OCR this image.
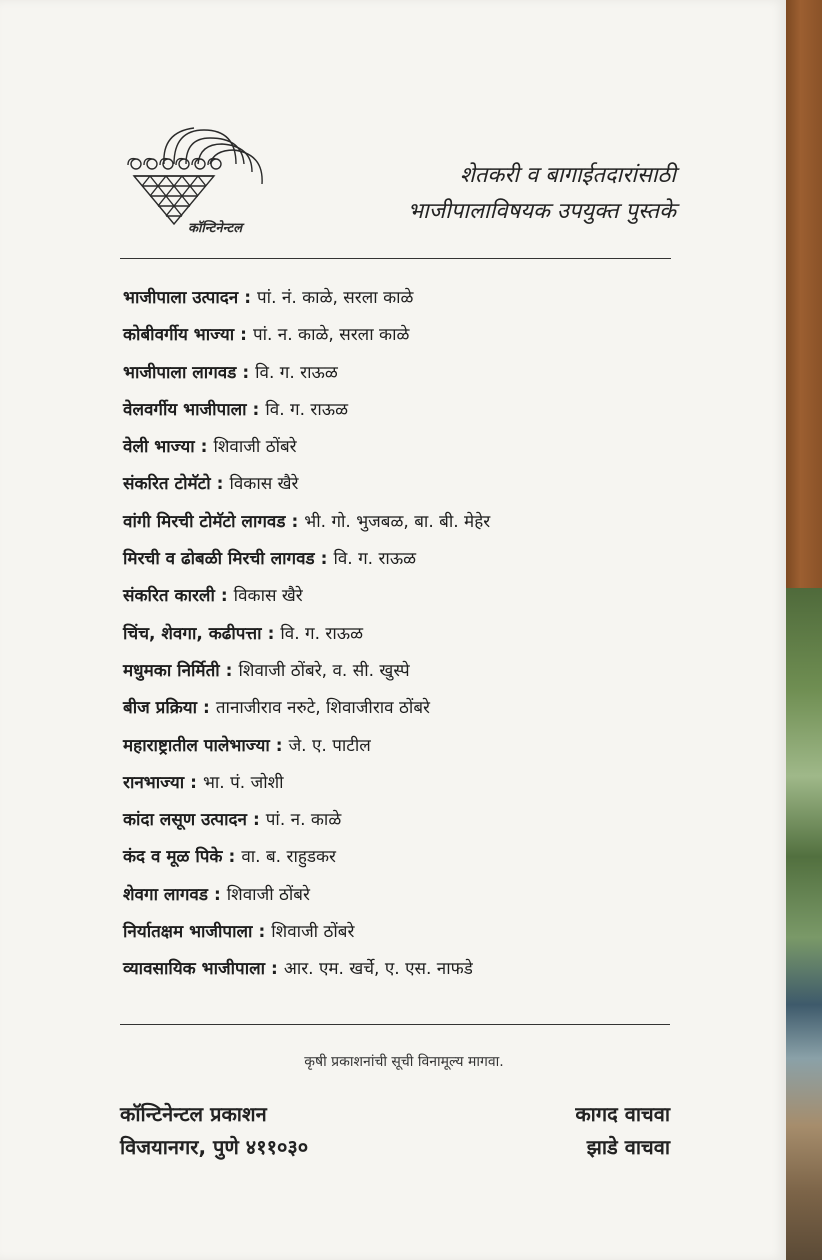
कॉन्टिनेन्टल
शेतकरी व बागाईतदारांसाठी
भाजीपालाविषयक उपयुक्त पुस्तके
भाजीपाला उत्पादन : पां. नं. काळे, सरला काळे
कोबीवर्गीय भाज्या : पां. न. काळे, सरला काळे
भाजीपाला लागवड : वि. ग. राऊळ
वेलवर्गीय भाजीपाला : वि. ग. राऊळ
वेली भाज्या : शिवाजी ठोंबरे
संकरित टोमॅटो : विकास खैरे
वांगी मिरची टोमॅटो लागवड : भी. गो. भुजबळ, बा. बी. मेहेर
मिरची व ढोबळी मिरची लागवड : वि. ग. राऊळ
संकरित कारली : विकास खैरे
चिंच, शेवगा, कढीपत्ता : वि. ग. राऊळ
मधुमका निर्मिती : शिवाजी ठोंबरे, व. सी. खुस्पे
बीज प्रक्रिया : तानाजीराव नरुटे, शिवाजीराव ठोंबरे
महाराष्ट्रातील पालेभाज्या : जे. ए. पाटील
रानभाज्या : भा. पं. जोशी
कांदा लसूण उत्पादन : पां. न. काळे
कंद व मूळ पिके : वा. ब. राहुडकर
शेवगा लागवड : शिवाजी ठोंबरे
निर्यातक्षम भाजीपाला : शिवाजी ठोंबरे
व्यावसायिक भाजीपाला : आर. एम. खर्चे, ए. एस. नाफडे
कृषी प्रकाशनांची सूची विनामूल्य मागवा.
कॉन्टिनेन्टल प्रकाशन
विजयानगर, पुणे ४११०३०
कागद वाचवा
झाडे वाचवा
